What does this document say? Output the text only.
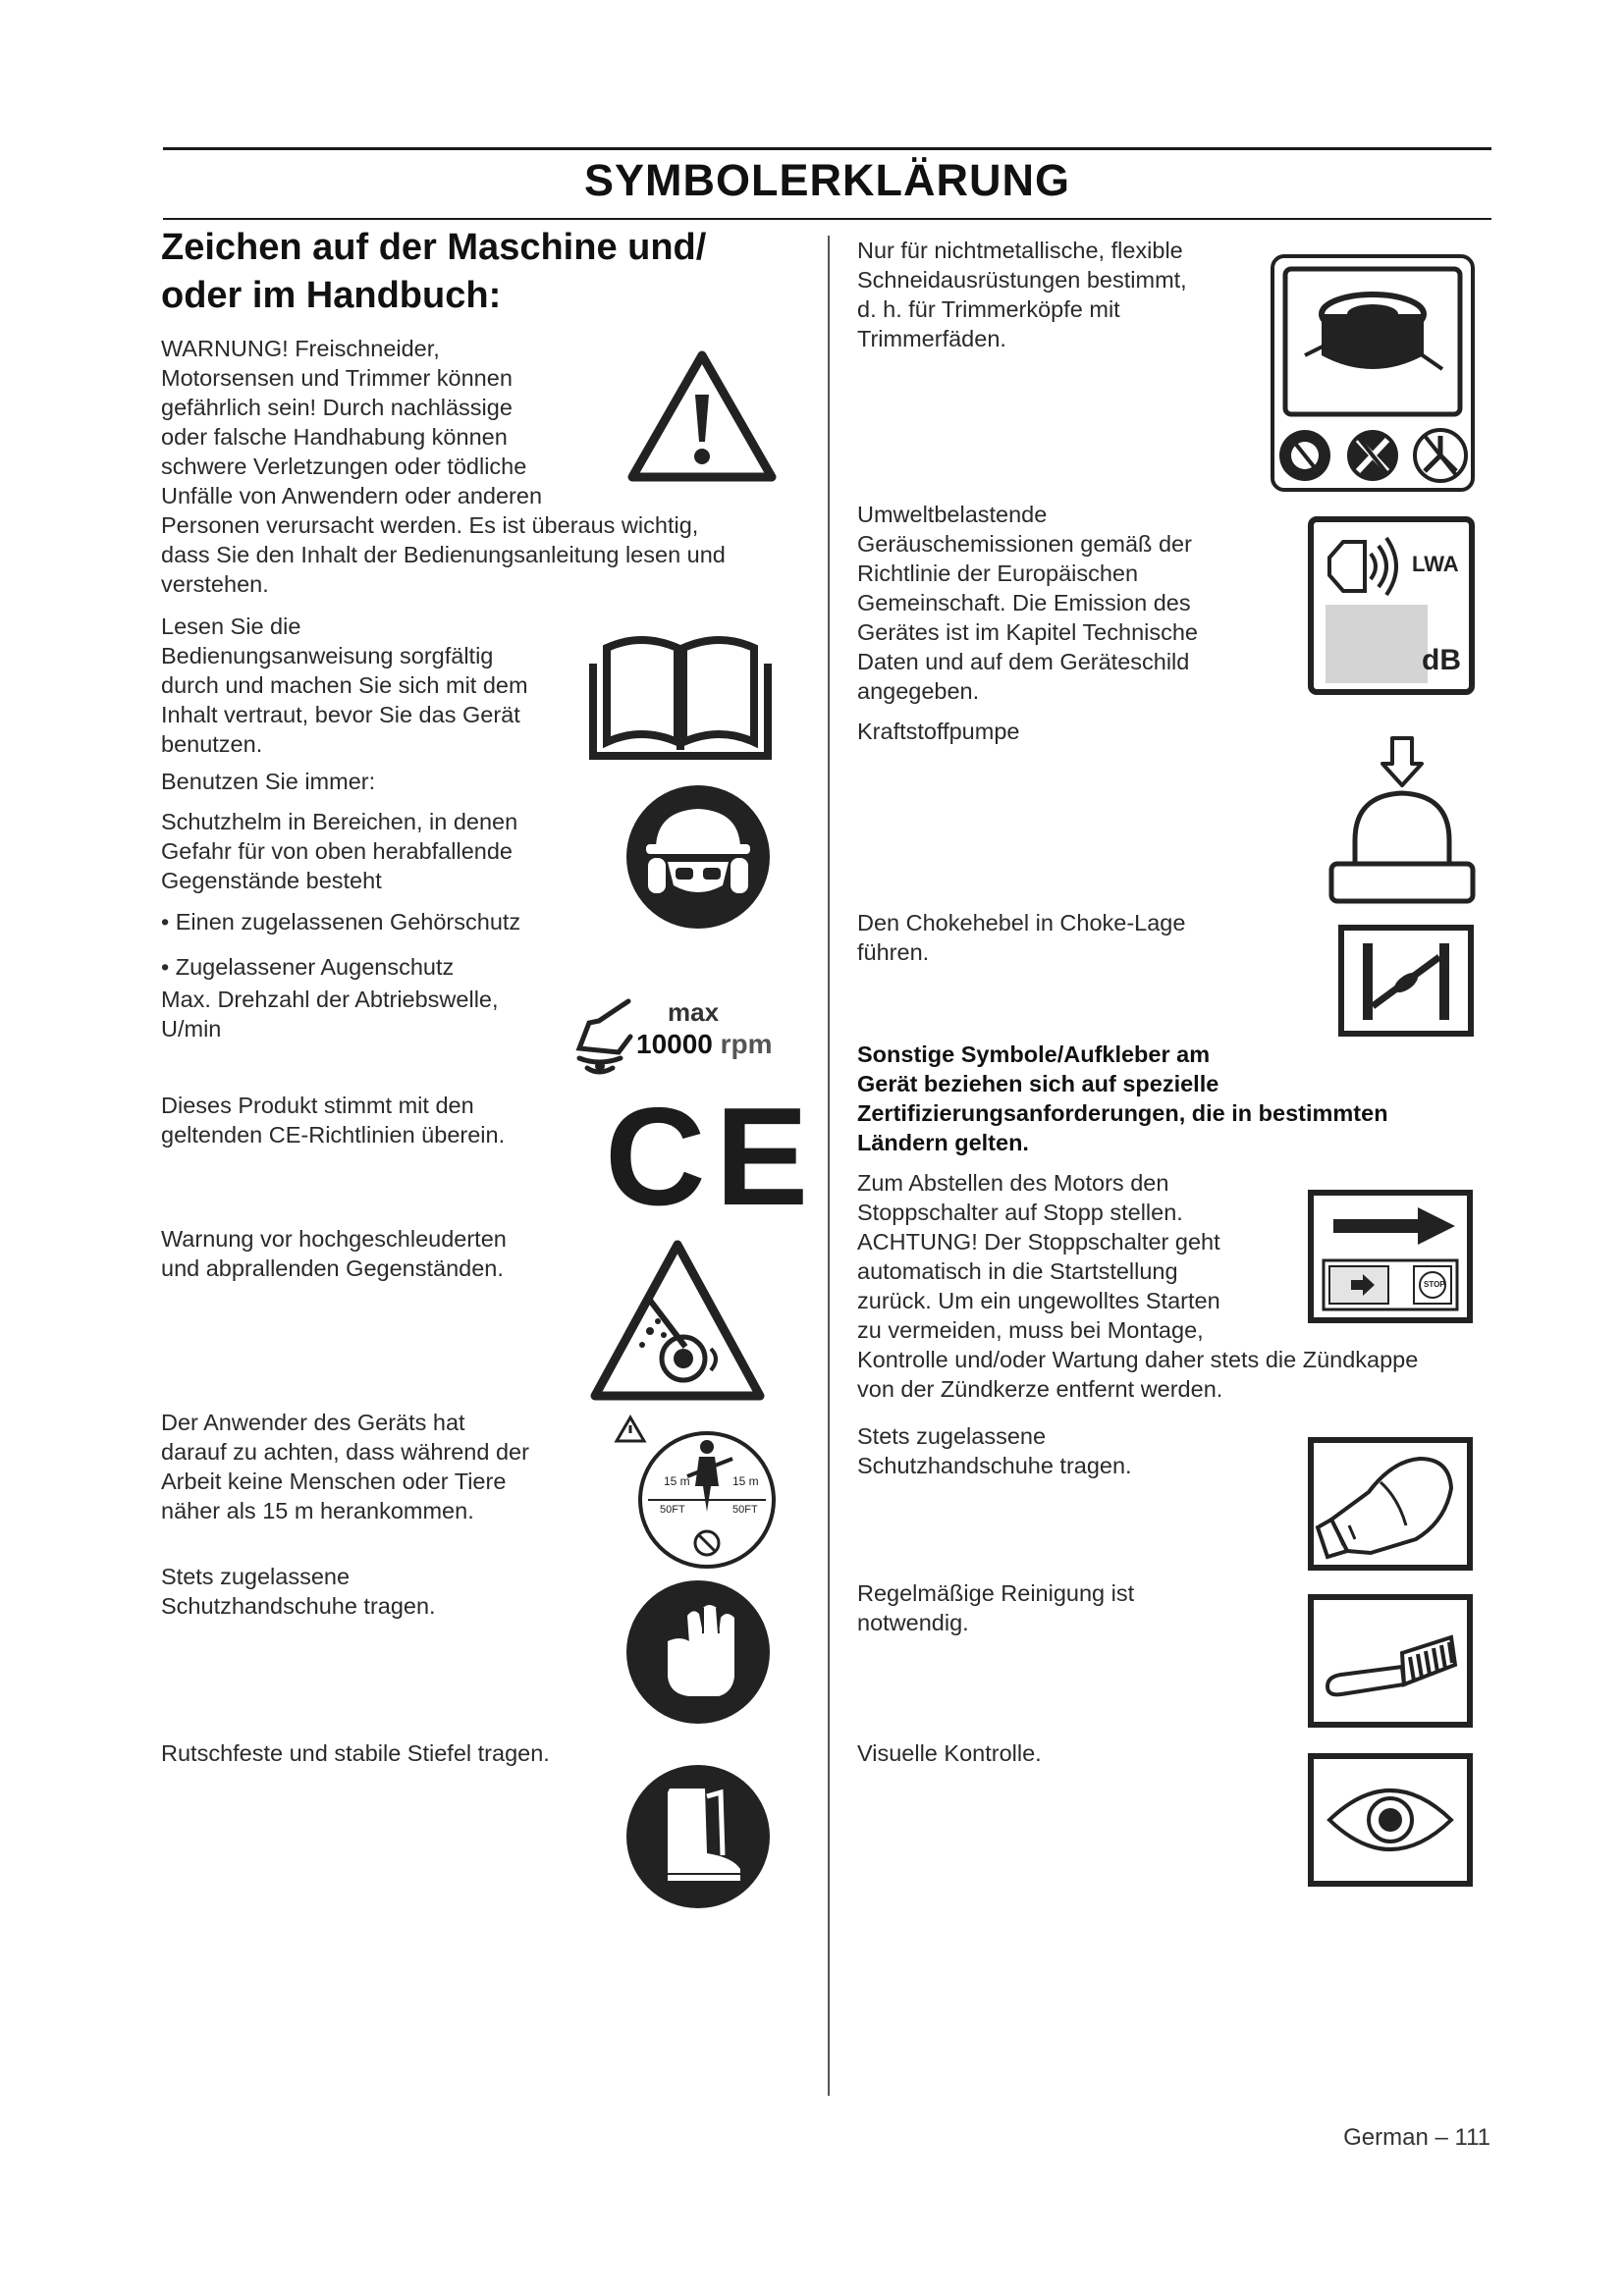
SYMBOLERKLÄRUNG
Zeichen auf der Maschine und/
oder im Handbuch:
WARNUNG! Freischneider,
Motorsensen und Trimmer können
gefährlich sein! Durch nachlässige
oder falsche Handhabung können
schwere Verletzungen oder tödliche
Unfälle von Anwendern oder anderen
Personen verursacht werden. Es ist überaus wichtig,
dass Sie den Inhalt der Bedienungsanleitung lesen und
verstehen.
Lesen Sie die
Bedienungsanweisung sorgfältig
durch und machen Sie sich mit dem
Inhalt vertraut, bevor Sie das Gerät
benutzen.
Benutzen Sie immer:
Schutzhelm in Bereichen, in denen
Gefahr für von oben herabfallende
Gegenstände besteht
• Einen zugelassenen Gehörschutz
• Zugelassener Augenschutz
Max. Drehzahl der Abtriebswelle,
U/min
max
10000 rpm
Dieses Produkt stimmt mit den
geltenden CE-Richtlinien überein. CE
Warnung vor hochgeschleuderten
und abprallenden Gegenständen.
Der Anwender des Geräts hat
darauf zu achten, dass während der
Arbeit keine Menschen oder Tiere
näher als 15 m herankommen.
15 m	15 m
50FT	50FT
Stets zugelassene
Schutzhandschuhe tragen.
Rutschfeste und stabile Stiefel tragen.
Nur für nichtmetallische, flexible
Schneidausrüstungen bestimmt,
d. h. für Trimmerköpfe mit
Trimmerfäden.
Umweltbelastende
Geräuschemissionen gemäß der
Richtlinie der Europäischen
Gemeinschaft. Die Emission des
Gerätes ist im Kapitel Technische
Daten und auf dem Geräteschild
angegeben.
LWA
dB
Kraftstoffpumpe
Den Chokehebel in Choke-Lage
führen.
Sonstige Symbole/Aufkleber am
Gerät beziehen sich auf spezielle
Zertifizierungsanforderungen, die in bestimmten
Ländern gelten.
Zum Abstellen des Motors den
Stoppschalter auf Stopp stellen.
ACHTUNG! Der Stoppschalter geht
automatisch in die Startstellung
zurück. Um ein ungewolltes Starten
zu vermeiden, muss bei Montage,
Kontrolle und/oder Wartung daher stets die Zündkappe
von der Zündkerze entfernt werden.
STOP
Stets zugelassene
Schutzhandschuhe tragen.
Regelmäßige Reinigung ist
notwendig.
Visuelle Kontrolle.
German – 111
